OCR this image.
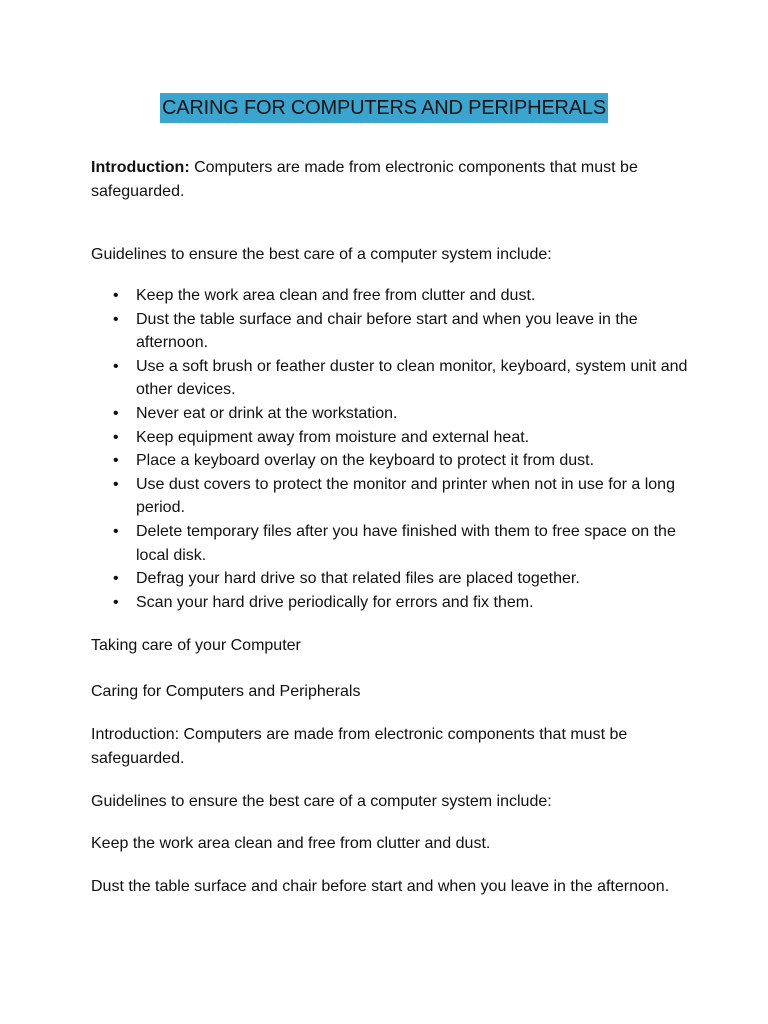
CARING FOR COMPUTERS AND PERIPHERALS
Introduction: Computers are made from electronic components that must be safeguarded.
Guidelines to ensure the best care of a computer system include:
• Keep the work area clean and free from clutter and dust.
• Dust the table surface and chair before start and when you leave in the afternoon.
• Use a soft brush or feather duster to clean monitor, keyboard, system unit and other devices.
• Never eat or drink at the workstation.
• Keep equipment away from moisture and external heat.
• Place a keyboard overlay on the keyboard to protect it from dust.
• Use dust covers to protect the monitor and printer when not in use for a long period.
• Delete temporary files after you have finished with them to free space on the local disk.
• Defrag your hard drive so that related files are placed together.
• Scan your hard drive periodically for errors and fix them.
Taking care of your Computer
Caring for Computers and Peripherals
Introduction: Computers are made from electronic components that must be safeguarded.
Guidelines to ensure the best care of a computer system include:
Keep the work area clean and free from clutter and dust.
Dust the table surface and chair before start and when you leave in the afternoon.
